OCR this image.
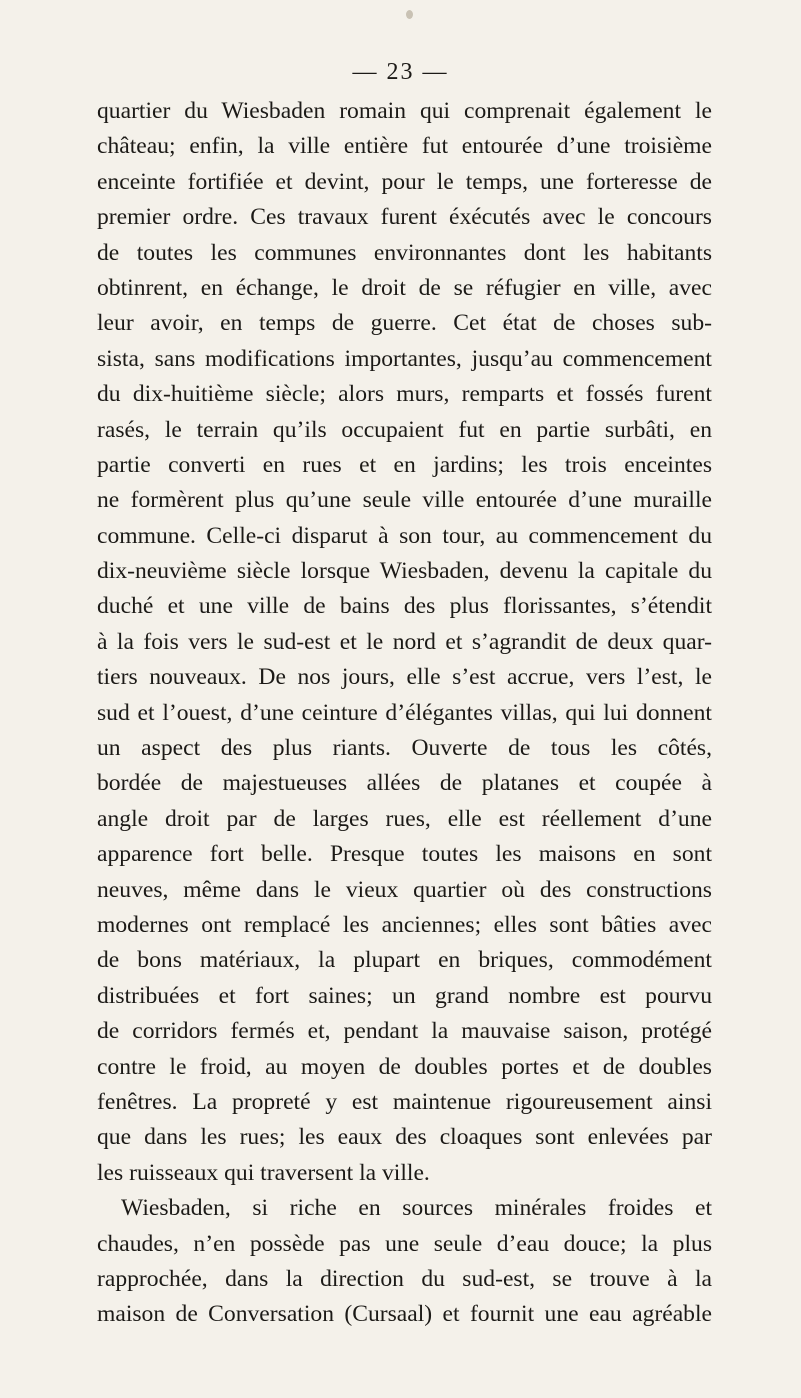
— 23 —
quartier du Wiesbaden romain qui comprenait également le
château; enfin, la ville entière fut entourée d’une troisième
enceinte fortifiée et devint, pour le temps, une forteresse de
premier ordre. Ces travaux furent éxécutés avec le concours
de toutes les communes environnantes dont les habitants
obtinrent, en échange, le droit de se réfugier en ville, avec
leur avoir, en temps de guerre. Cet état de choses sub-
sista, sans modifications importantes, jusqu’au commencement
du dix-huitième siècle; alors murs, remparts et fossés furent
rasés, le terrain qu’ils occupaient fut en partie surbâti, en
partie converti en rues et en jardins; les trois enceintes
ne formèrent plus qu’une seule ville entourée d’une muraille
commune. Celle-ci disparut à son tour, au commencement du
dix-neuvième siècle lorsque Wiesbaden, devenu la capitale du
duché et une ville de bains des plus florissantes, s’étendit
à la fois vers le sud-est et le nord et s’agrandit de deux quar-
tiers nouveaux. De nos jours, elle s’est accrue, vers l’est, le
sud et l’ouest, d’une ceinture d’élégantes villas, qui lui donnent
un aspect des plus riants. Ouverte de tous les côtés,
bordée de majestueuses allées de platanes et coupée à
angle droit par de larges rues, elle est réellement d’une
apparence fort belle. Presque toutes les maisons en sont
neuves, même dans le vieux quartier où des constructions
modernes ont remplacé les anciennes; elles sont bâties avec
de bons matériaux, la plupart en briques, commodément
distribuées et fort saines; un grand nombre est pourvu
de corridors fermés et, pendant la mauvaise saison, protégé
contre le froid, au moyen de doubles portes et de doubles
fenêtres. La propreté y est maintenue rigoureusement ainsi
que dans les rues; les eaux des cloaques sont enlevées par
les ruisseaux qui traversent la ville.
Wiesbaden, si riche en sources minérales froides et
chaudes, n’en possède pas une seule d’eau douce; la plus
rapprochée, dans la direction du sud-est, se trouve à la
maison de Conversation (Cursaal) et fournit une eau agréable
